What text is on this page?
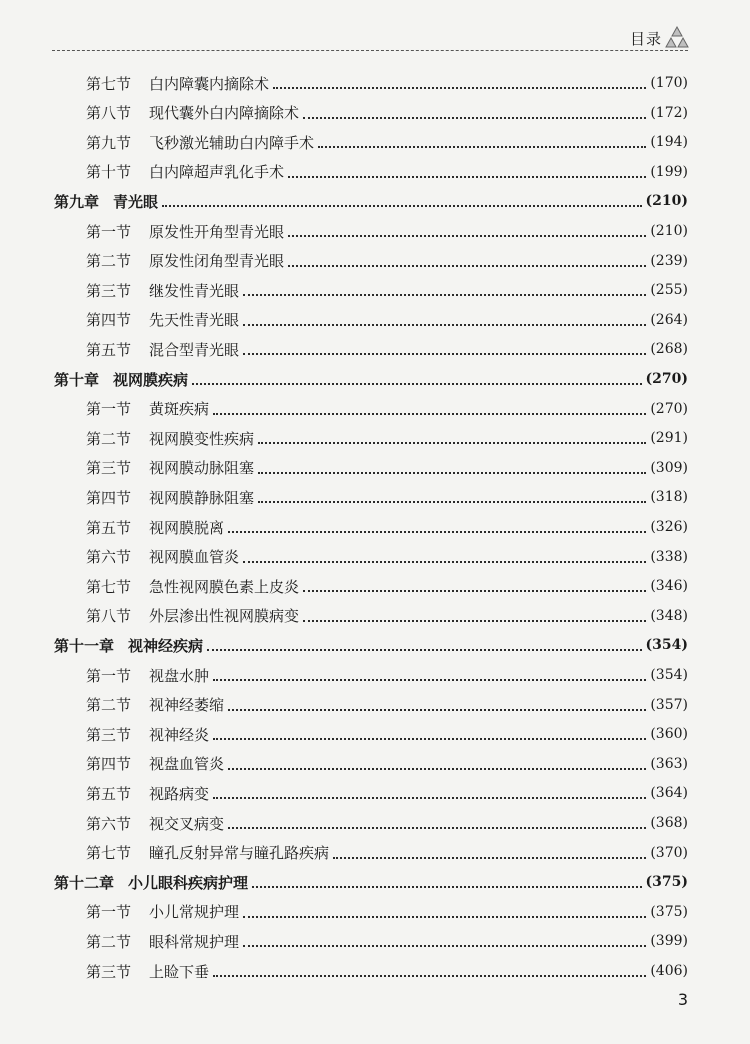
目录
第七节 白内障囊内摘除术	(170)
第八节 现代囊外白内障摘除术	(172)
第九节 飞秒激光辅助白内障手术	(194)
第十节 白内障超声乳化手术	(199)
第九章 青光眼	(210)
第一节 原发性开角型青光眼	(210)
第二节 原发性闭角型青光眼	(239)
第三节 继发性青光眼	(255)
第四节 先天性青光眼	(264)
第五节 混合型青光眼	(268)
第十章 视网膜疾病	(270)
第一节 黄斑疾病	(270)
第二节 视网膜变性疾病	(291)
第三节 视网膜动脉阻塞	(309)
第四节 视网膜静脉阻塞	(318)
第五节 视网膜脱离	(326)
第六节 视网膜血管炎	(338)
第七节 急性视网膜色素上皮炎	(346)
第八节 外层渗出性视网膜病变	(348)
第十一章 视神经疾病	(354)
第一节 视盘水肿	(354)
第二节 视神经萎缩	(357)
第三节 视神经炎	(360)
第四节 视盘血管炎	(363)
第五节 视路病变	(364)
第六节 视交叉病变	(368)
第七节 瞳孔反射异常与瞳孔路疾病	(370)
第十二章 小儿眼科疾病护理	(375)
第一节 小儿常规护理	(375)
第二节 眼科常规护理	(399)
第三节 上睑下垂	(406)
3
